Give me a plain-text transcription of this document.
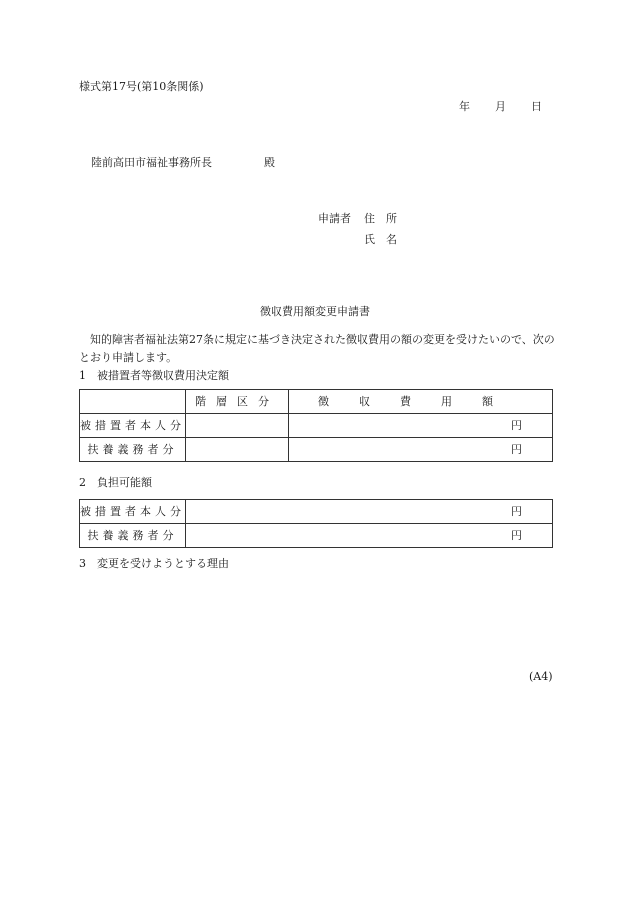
様式第17号(第10条関係)
年	月	日
陸前高田市福祉事務所長	殿
申請者 住　所
氏　名
徴収費用額変更申請書
知的障害者福祉法第27条に規定に基づき決定された徴収費用の額の変更を受けたいので、次のとおり申請します。
1　被措置者等徴収費用決定額
	階層区分	徴収費用額
被措置者本人分		円
扶養義務者分		円
2　負担可能額
被措置者本人分	円
扶養義務者分	円
3　変更を受けようとする理由
(A4)
